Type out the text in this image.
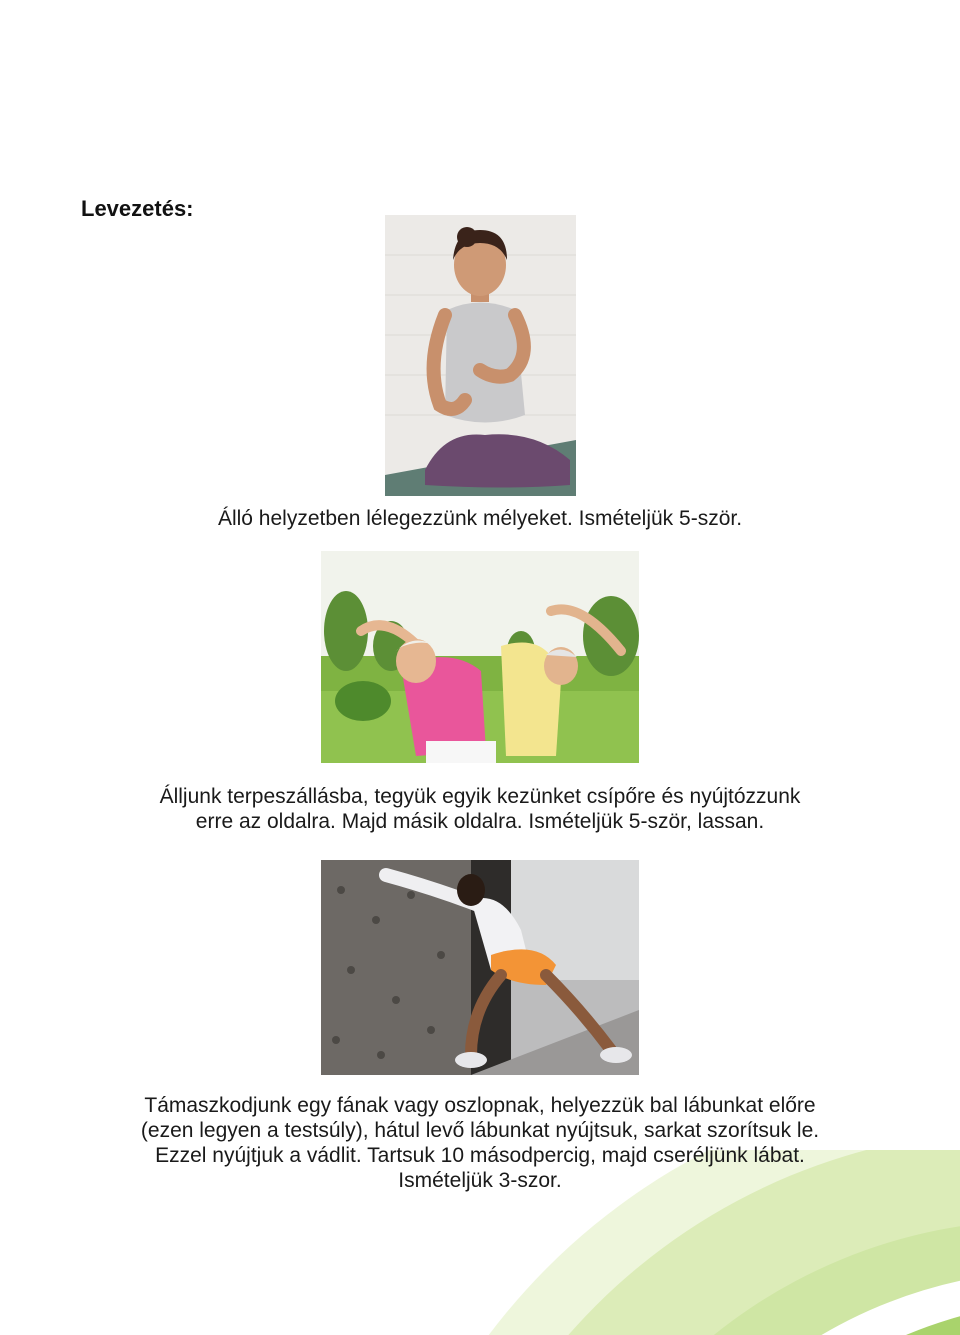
Levezetés:
Álló helyzetben lélegezzünk mélyeket. Ismételjük 5-ször.
Álljunk terpeszállásba, tegyük egyik kezünket csípőre és nyújtózzunk
erre az oldalra. Majd másik oldalra. Ismételjük 5-ször, lassan.
Támaszkodjunk egy fának vagy oszlopnak, helyezzük bal lábunkat előre
(ezen legyen a testsúly), hátul levő lábunkat nyújtsuk, sarkat szorítsuk le.
Ezzel nyújtjuk a vádlit. Tartsuk 10 másodpercig, majd cseréljünk lábat.
Ismételjük 3-szor.
